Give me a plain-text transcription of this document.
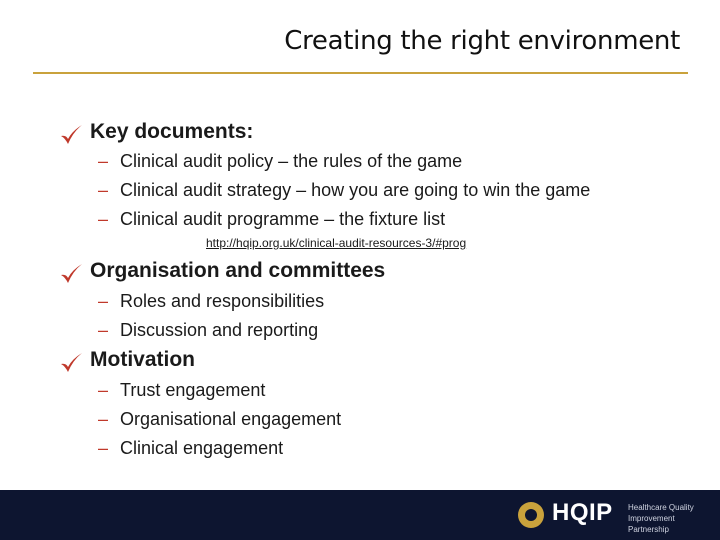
Creating the right environment
Key documents:
– Clinical audit policy – the rules of the game
– Clinical audit strategy – how you are going to win the game
– Clinical audit programme – the fixture list
http://hqip.org.uk/clinical-audit-resources-3/#prog
Organisation and committees
– Roles and responsibilities
– Discussion and reporting
Motivation
– Trust engagement
– Organisational engagement
– Clinical engagement
HQIP Healthcare Quality Improvement Partnership
